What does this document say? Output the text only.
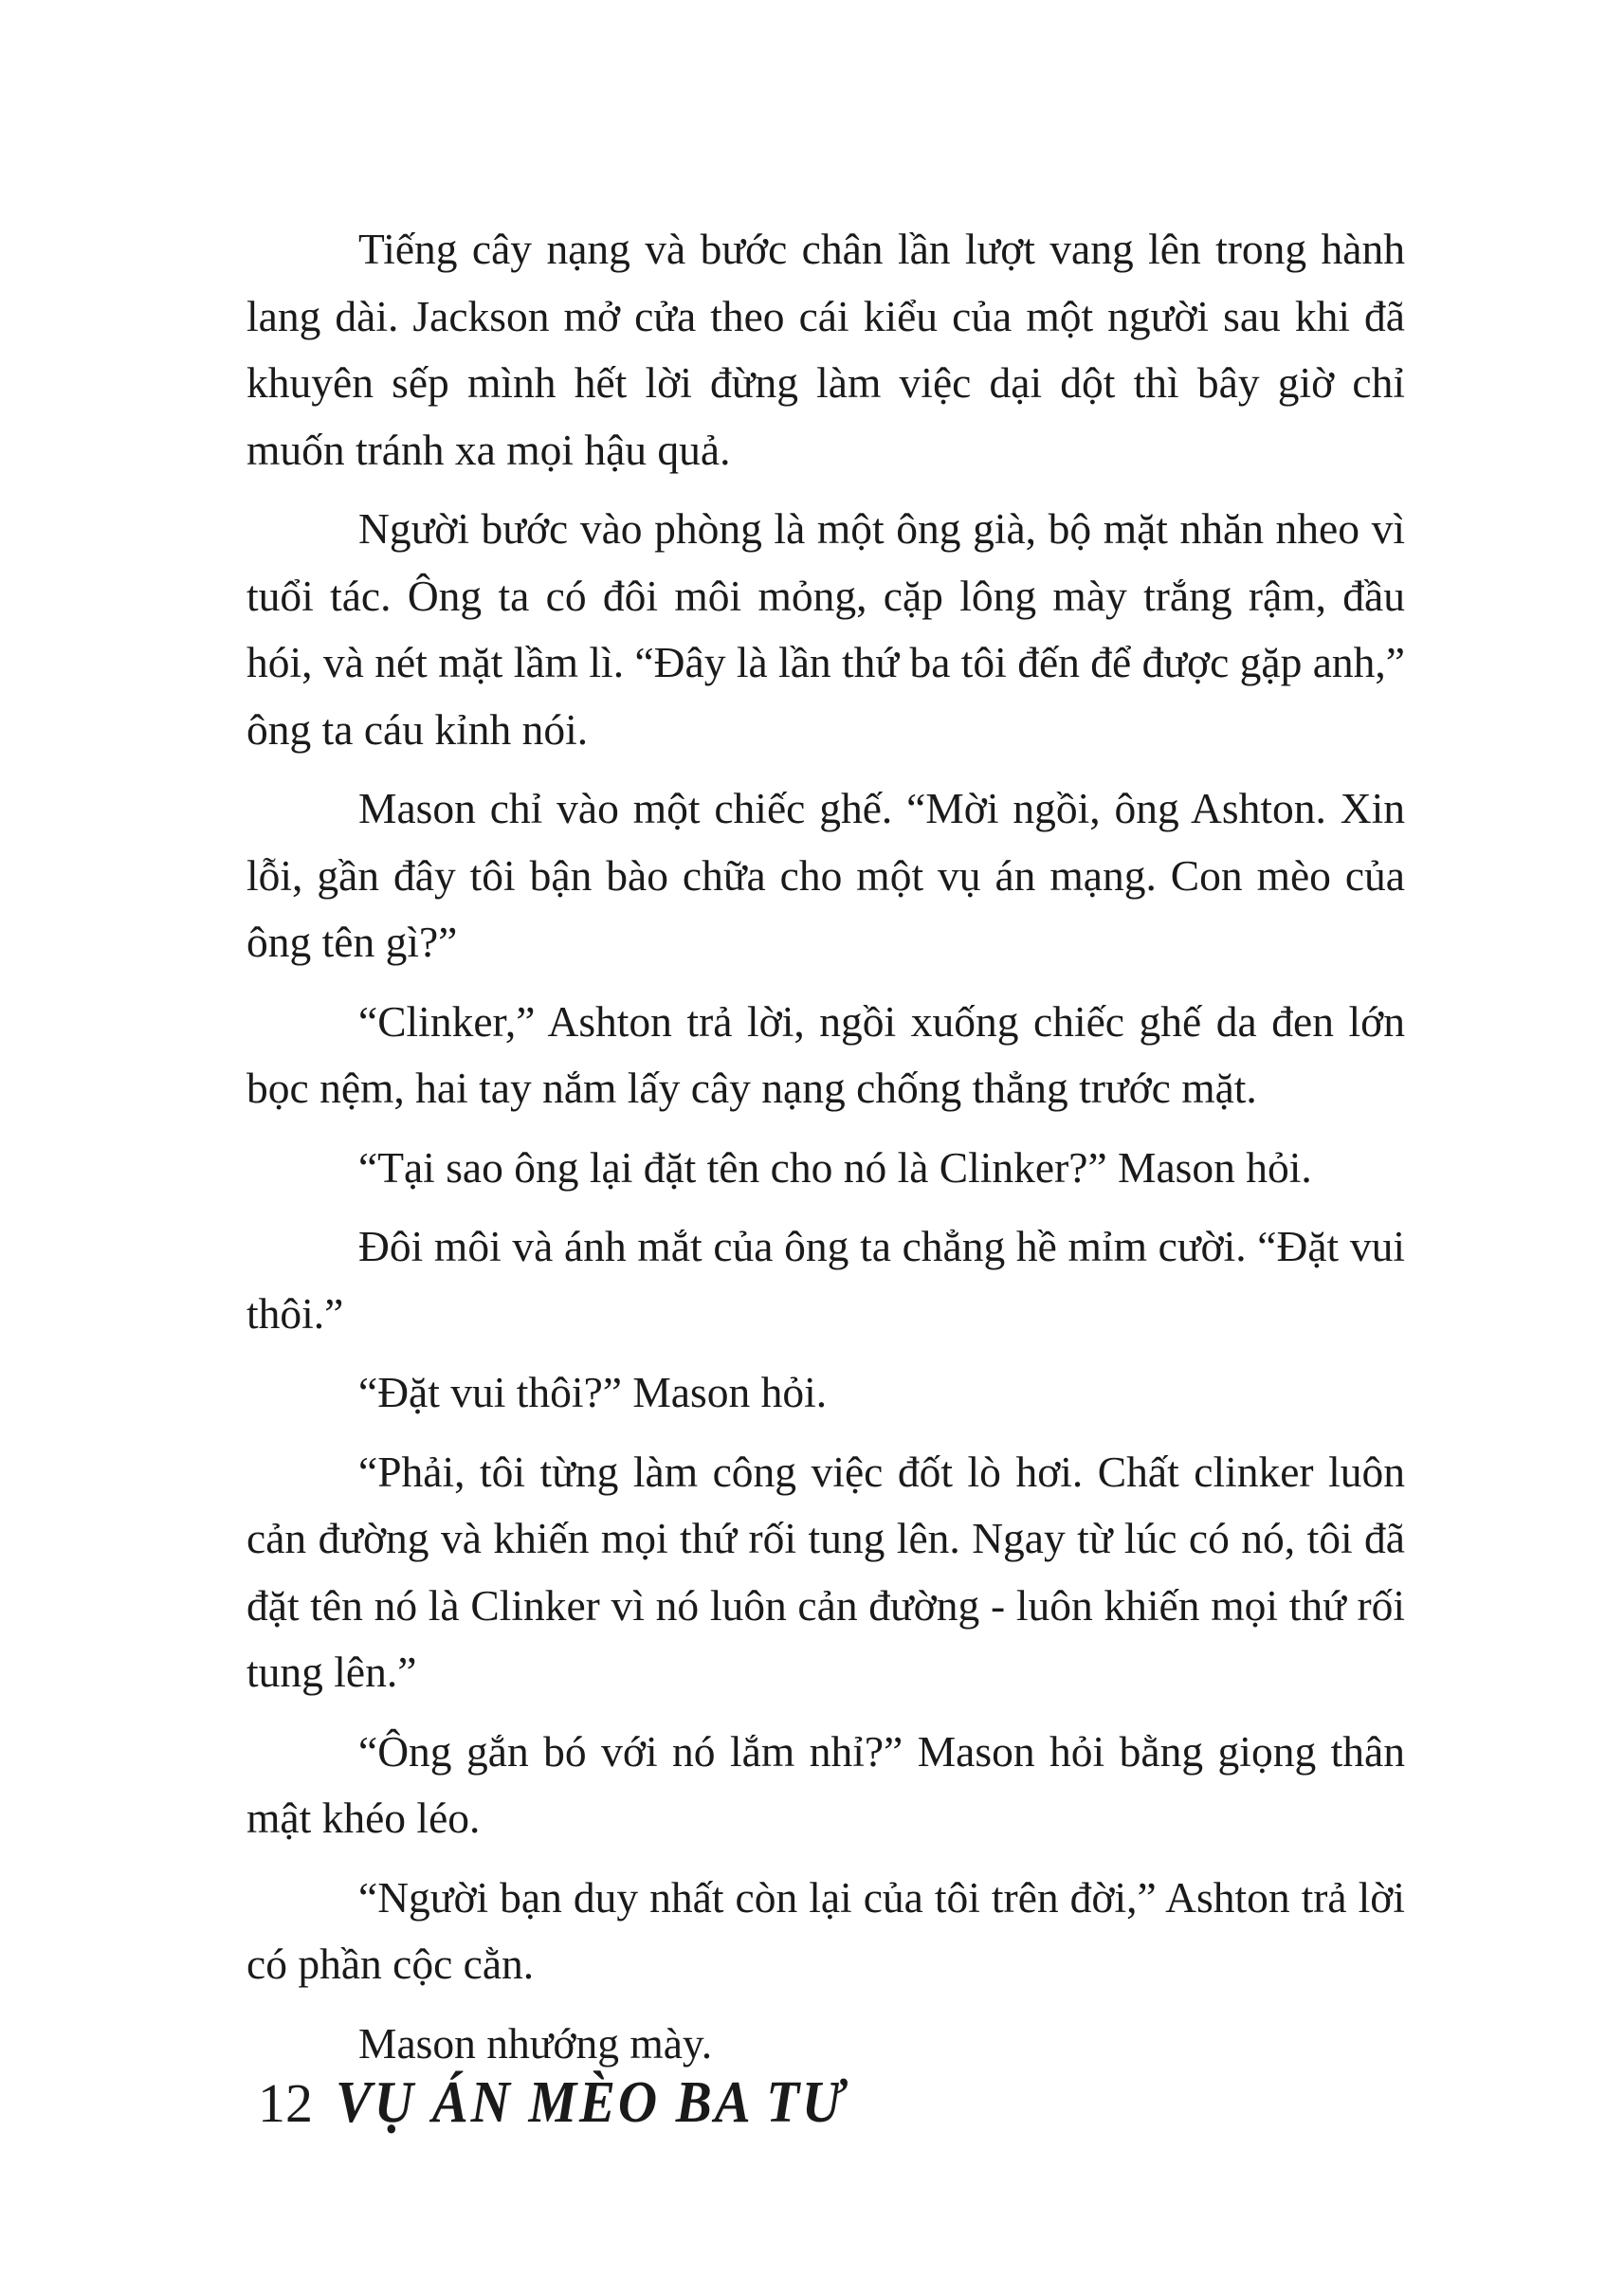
Tiếng cây nạng và bước chân lần lượt vang lên trong hành lang dài. Jackson mở cửa theo cái kiểu của một người sau khi đã khuyên sếp mình hết lời đừng làm việc dại dột thì bây giờ chỉ muốn tránh xa mọi hậu quả.

Người bước vào phòng là một ông già, bộ mặt nhăn nheo vì tuổi tác. Ông ta có đôi môi mỏng, cặp lông mày trắng rậm, đầu hói, và nét mặt lầm lì. “Đây là lần thứ ba tôi đến để được gặp anh,” ông ta cáu kỉnh nói.

Mason chỉ vào một chiếc ghế. “Mời ngồi, ông Ashton. Xin lỗi, gần đây tôi bận bào chữa cho một vụ án mạng. Con mèo của ông tên gì?”

“Clinker,” Ashton trả lời, ngồi xuống chiếc ghế da đen lớn bọc nệm, hai tay nắm lấy cây nạng chống thẳng trước mặt.

“Tại sao ông lại đặt tên cho nó là Clinker?” Mason hỏi.

Đôi môi và ánh mắt của ông ta chẳng hề mỉm cười. “Đặt vui thôi.”

“Đặt vui thôi?” Mason hỏi.

“Phải, tôi từng làm công việc đốt lò hơi. Chất clinker luôn cản đường và khiến mọi thứ rối tung lên. Ngay từ lúc có nó, tôi đã đặt tên nó là Clinker vì nó luôn cản đường - luôn khiến mọi thứ rối tung lên.”

“Ông gắn bó với nó lắm nhỉ?” Mason hỏi bằng giọng thân mật khéo léo.

“Người bạn duy nhất còn lại của tôi trên đời,” Ashton trả lời có phần cộc cằn.

Mason nhướng mày.

12 VỤ ÁN MÈO BA TƯ
